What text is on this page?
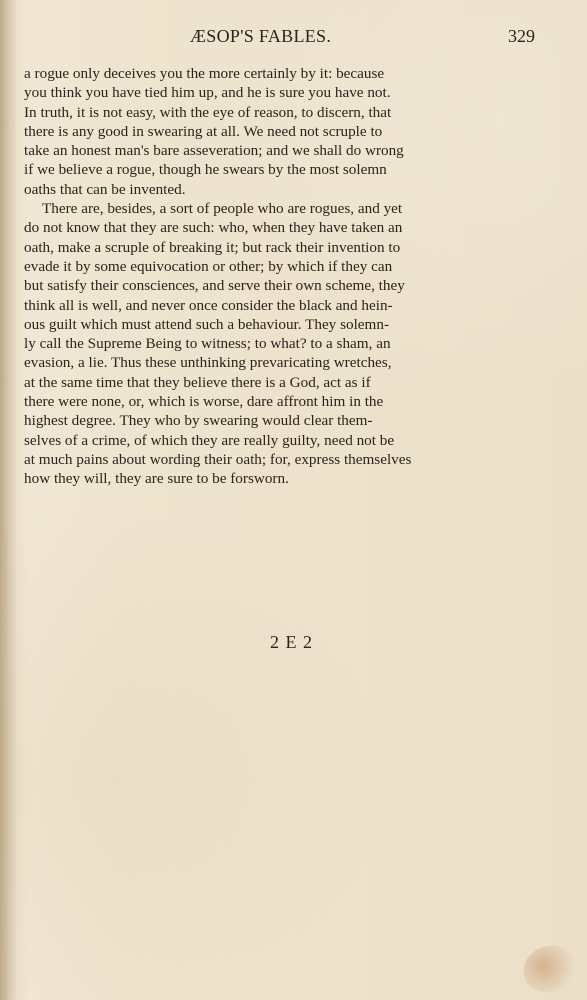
ÆSOP'S FABLES.	329
a rogue only deceives you the more certainly by it: because
you think you have tied him up, and he is sure you have not.
In truth, it is not easy, with the eye of reason, to discern, that
there is any good in swearing at all. We need not scruple to
take an honest man's bare asseveration; and we shall do wrong
if we believe a rogue, though he swears by the most solemn
oaths that can be invented.
There are, besides, a sort of people who are rogues, and yet
do not know that they are such: who, when they have taken an
oath, make a scruple of breaking it; but rack their invention to
evade it by some equivocation or other; by which if they can
but satisfy their consciences, and serve their own scheme, they
think all is well, and never once consider the black and hein-
ous guilt which must attend such a behaviour. They solemn-
ly call the Supreme Being to witness; to what? to a sham, an
evasion, a lie. Thus these unthinking prevaricating wretches,
at the same time that they believe there is a God, act as if
there were none, or, which is worse, dare affront him in the
highest degree. They who by swearing would clear them-
selves of a crime, of which they are really guilty, need not be
at much pains about wording their oath; for, express themselves
how they will, they are sure to be forsworn.
2 E 2
